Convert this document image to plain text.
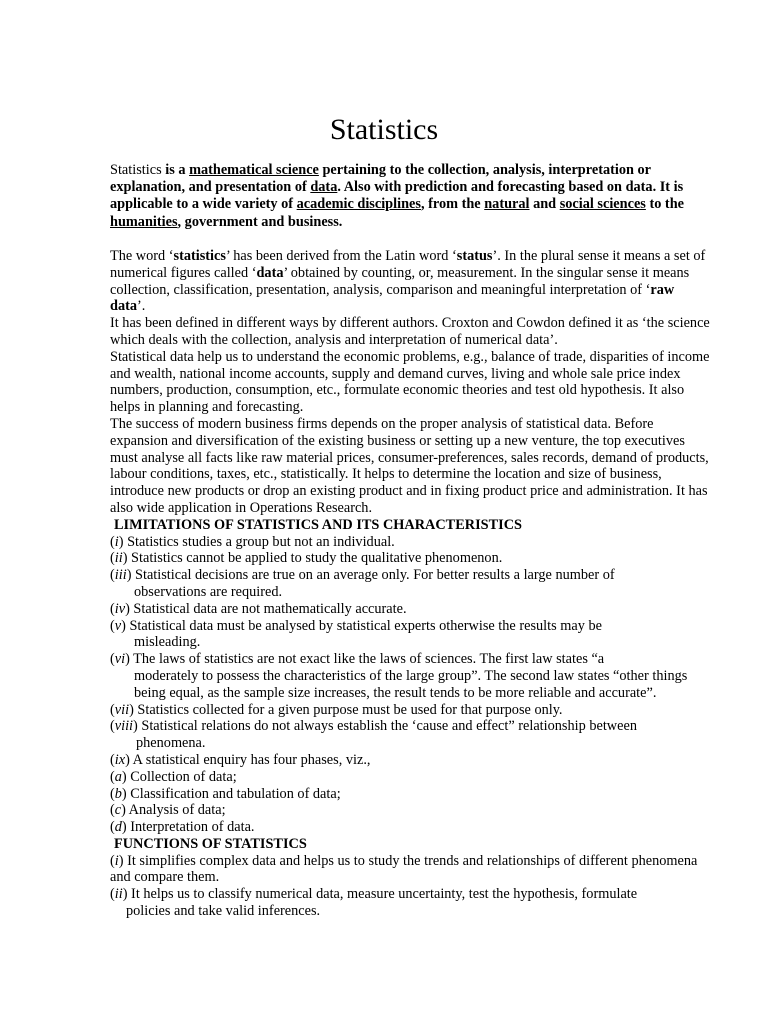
Statistics
Statistics is a mathematical science pertaining to the collection, analysis, interpretation or explanation, and presentation of data. Also with prediction and forecasting based on data. It is applicable to a wide variety of academic disciplines, from the natural and social sciences to the humanities, government and business.

The word ‘statistics’ has been derived from the Latin word ‘status’. In the plural sense it means a set of numerical figures called ‘data’ obtained by counting, or, measurement. In the singular sense it means collection, classification, presentation, analysis, comparison and meaningful interpretation of ‘raw data’.

It has been defined in different ways by different authors. Croxton and Cowdon defined it as ‘the science which deals with the collection, analysis and interpretation of numerical data’.

Statistical data help us to understand the economic problems, e.g., balance of trade, disparities of income and wealth, national income accounts, supply and demand curves, living and whole sale price index numbers, production, consumption, etc., formulate economic theories and test old hypothesis. It also helps in planning and forecasting.

The success of modern business firms depends on the proper analysis of statistical data. Before expansion and diversification of the existing business or setting up a new venture, the top executives must analyse all facts like raw material prices, consumer-preferences, sales records, demand of products, labour conditions, taxes, etc., statistically. It helps to determine the location and size of business, introduce new products or drop an existing product and in fixing product price and administration. It has also wide application in Operations Research.

LIMITATIONS OF STATISTICS AND ITS CHARACTERISTICS

(i) Statistics studies a group but not an individual.

(ii) Statistics cannot be applied to study the qualitative phenomenon.

(iii) Statistical decisions are true on an average only. For better results a large number of

observations are required.

(iv) Statistical data are not mathematically accurate.

(v) Statistical data must be analysed by statistical experts otherwise the results may be

misleading.

(vi) The laws of statistics are not exact like the laws of sciences. The first law states “a

moderately to possess the characteristics of the large group”. The second law states “other things being equal, as the sample size increases, the result tends to be more reliable and accurate”.

(vii) Statistics collected for a given purpose must be used for that purpose only.

(viii) Statistical relations do not always establish the ‘cause and effect” relationship between

phenomena.

(ix) A statistical enquiry has four phases, viz.,

(a) Collection of data;

(b) Classification and tabulation of data;

(c) Analysis of data;

(d) Interpretation of data.

FUNCTIONS OF STATISTICS

(i) It simplifies complex data and helps us to study the trends and relationships of different phenomena and compare them.

(ii) It helps us to classify numerical data, measure uncertainty, test the hypothesis, formulate

policies and take valid inferences.
